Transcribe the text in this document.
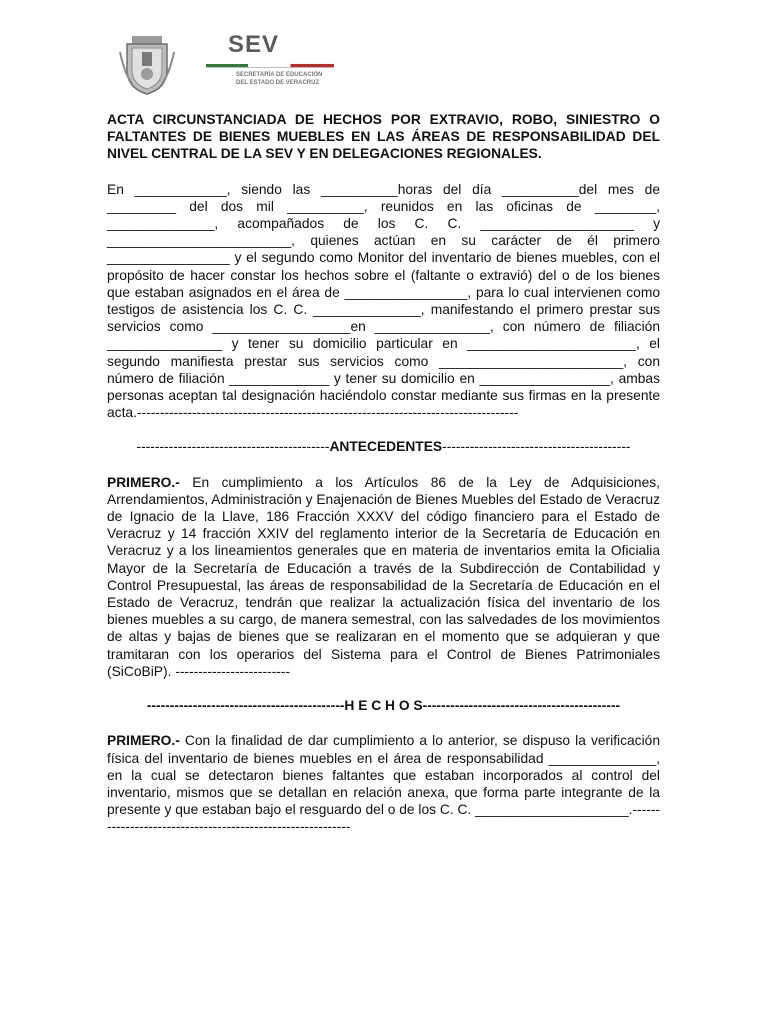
SEV
SECRETARÍA DE EDUCACIÓN
DEL ESTADO DE VERACRUZ
ACTA CIRCUNSTANCIADA DE HECHOS POR EXTRAVIO, ROBO, SINIESTRO O FALTANTES DE BIENES MUEBLES EN LAS ÁREAS DE RESPONSABILIDAD DEL NIVEL CENTRAL DE LA SEV Y EN DELEGACIONES REGIONALES.

En ____________, siendo las __________horas del día __________del mes de _________ del dos mil __________, reunidos en las oficinas de ________, ______________, acompañados de los C. C. ____________________ y ________________________, quienes actúan en su carácter de él primero ________________ y el segundo como Monitor del inventario de bienes muebles, con el propósito de hacer constar los hechos sobre el (faltante o extravió) del o de los bienes que estaban asignados en el área de ________________, para lo cual intervienen como testigos de asistencia los C. C. ______________, manifestando el primero prestar sus servicios como __________________en _______________, con número de filiación _______________ y tener su domicilio particular en ______________________, el segundo manifiesta prestar sus servicios como ________________________, con número de filiación _____________ y tener su domicilio en _________________, ambas personas aceptan tal designación haciéndolo constar mediante sus firmas en la presente acta.-----------------------------------------------------------------------------------

------------------------------------------ANTECEDENTES-----------------------------------------

PRIMERO.- En cumplimiento a los Artículos 86 de la Ley de Adquisiciones, Arrendamientos, Administración y Enajenación de Bienes Muebles del Estado de Veracruz de Ignacio de la Llave, 186 Fracción XXXV del código financiero para el Estado de Veracruz y 14 fracción XXIV del reglamento interior de la Secretaría de Educación en Veracruz y a los lineamientos generales que en materia de inventarios emita la Oficialia Mayor de la Secretaría de Educación a través de la Subdirección de Contabilidad y Control Presupuestal, las áreas de responsabilidad de la Secretaría de Educación en el Estado de Veracruz, tendrán que realizar la actualización física del inventario de los bienes muebles a su cargo, de manera semestral, con las salvedades de los movimientos de altas y bajas de bienes que se realizaran en el momento que se adquieran y que tramitaran con los operarios del Sistema para el Control de Bienes Patrimoniales (SiCoBiP). -------------------------

-------------------------------------------H E C H O S-------------------------------------------

PRIMERO.- Con la finalidad de dar cumplimiento a lo anterior, se dispuso la verificación física del inventario de bienes muebles en el área de responsabilidad ______________, en la cual se detectaron bienes faltantes que estaban incorporados al control del inventario, mismos que se detallan en relación anexa, que forma parte integrante de la presente y que estaban bajo el resguardo del o de los C. C. ____________________.-----------------------------------------------------------
